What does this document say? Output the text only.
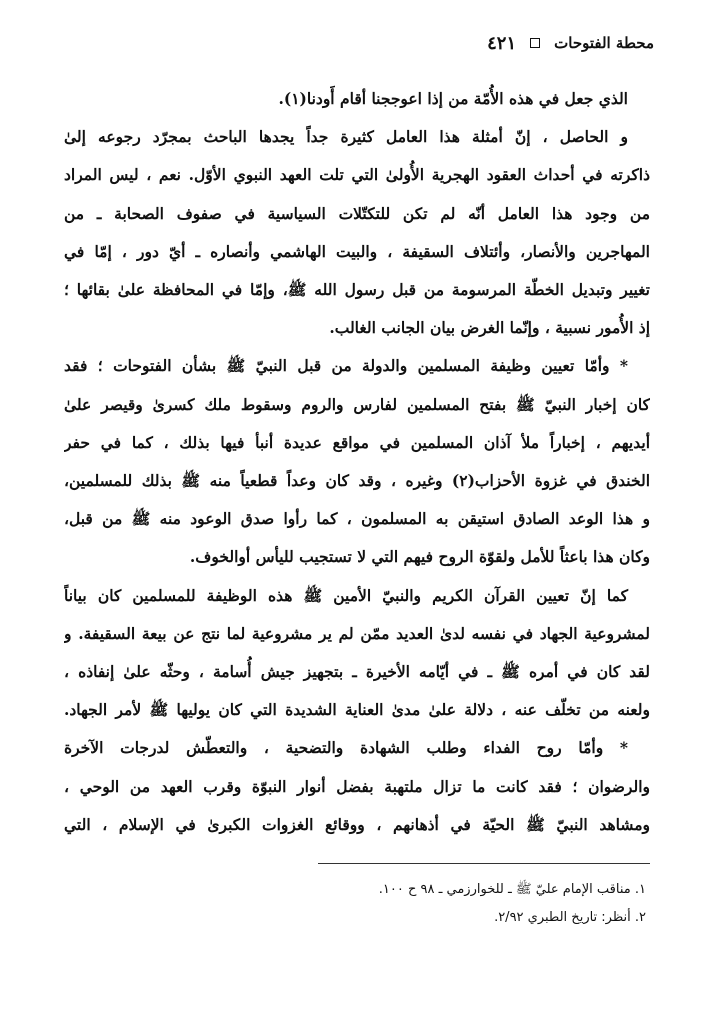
محطة الفتوحات
٤٢١
الذي جعل في هذه الأُمّة من إذا اعوججنا أقام أَودنا(١).
و الحاصل ، إنّ أمثلة هذا العامل كثيرة جداً يجدها الباحث بمجرّد رجوعه إلىٰ
ذاكرته في أحداث العقود الهجرية الأُولىٰ التي تلت العهد النبوي الأوّل. نعم ، ليس المراد
من وجود هذا العامل أنّه لم تكن للتكتّلات السياسية في صفوف الصحابة ـ من
المهاجرين والأنصار، وأئتلاف السقيفة ، والبيت الهاشمي وأنصاره ـ أيّ دور ، إمّا في
تغيير وتبديل الخطّة المرسومة من قبل رسول الله ﷺ، وإمّا في المحافظة علىٰ بقائها ؛
إذ الأُمور نسبية ، وإنّما الغرض بيان الجانب الغالب.
* وأمّا تعيين وظيفة المسلمين والدولة من قبل النبيّ ﷺ بشأن الفتوحات ؛ فقد
كان إخبار النبيّ ﷺ بفتح المسلمين لفارس والروم وسقوط ملك كسرىٰ وقيصر علىٰ
أيديهم ، إخباراً ملأ آذان المسلمين في مواقع عديدة أنبأ فيها بذلك ، كما في حفر
الخندق في غزوة الأحزاب(٢) وغيره ، وقد كان وعداً قطعياً منه ﷺ بذلك للمسلمين،
و هذا الوعد الصادق استيقن به المسلمون ، كما رأوا صدق الوعود منه ﷺ من قبل،
وكان هذا باعثاً للأمل ولقوّة الروح فيهم التي لا تستجيب لليأس أوالخوف.
كما إنّ تعيين القرآن الكريم والنبيّ الأمين ﷺ هذه الوظيفة للمسلمين كان بياناً
لمشروعية الجهاد في نفسه لدىٰ العديد ممّن لم ير مشروعية لما نتج عن بيعة السقيفة. و
لقد كان في أمره ﷺ ـ في أيّامه الأخيرة ـ بتجهيز جيش أُسامة ، وحثّه علىٰ إنفاذه ،
ولعنه من تخلّف عنه ، دلالة علىٰ مدىٰ العناية الشديدة التي كان يوليها ﷺ لأمر الجهاد.
* وأمّا روح الفداء وطلب الشهادة والتضحية ، والتعطّش لدرجات الآخرة
والرضوان ؛ فقد كانت ما تزال ملتهبة بفضل أنوار النبوّة وقرب العهد من الوحي ،
ومشاهد النبيّ ﷺ الحيّة في أذهانهم ، ووقائع الغزوات الكبرىٰ في الإسلام ، التي
١. مناقب الإمام عليّ ﷺ ـ للخوارزمي ـ ٩٨ ح ١٠٠.
٢. أنظر: تاريخ الطبري ٢/٩٢.
